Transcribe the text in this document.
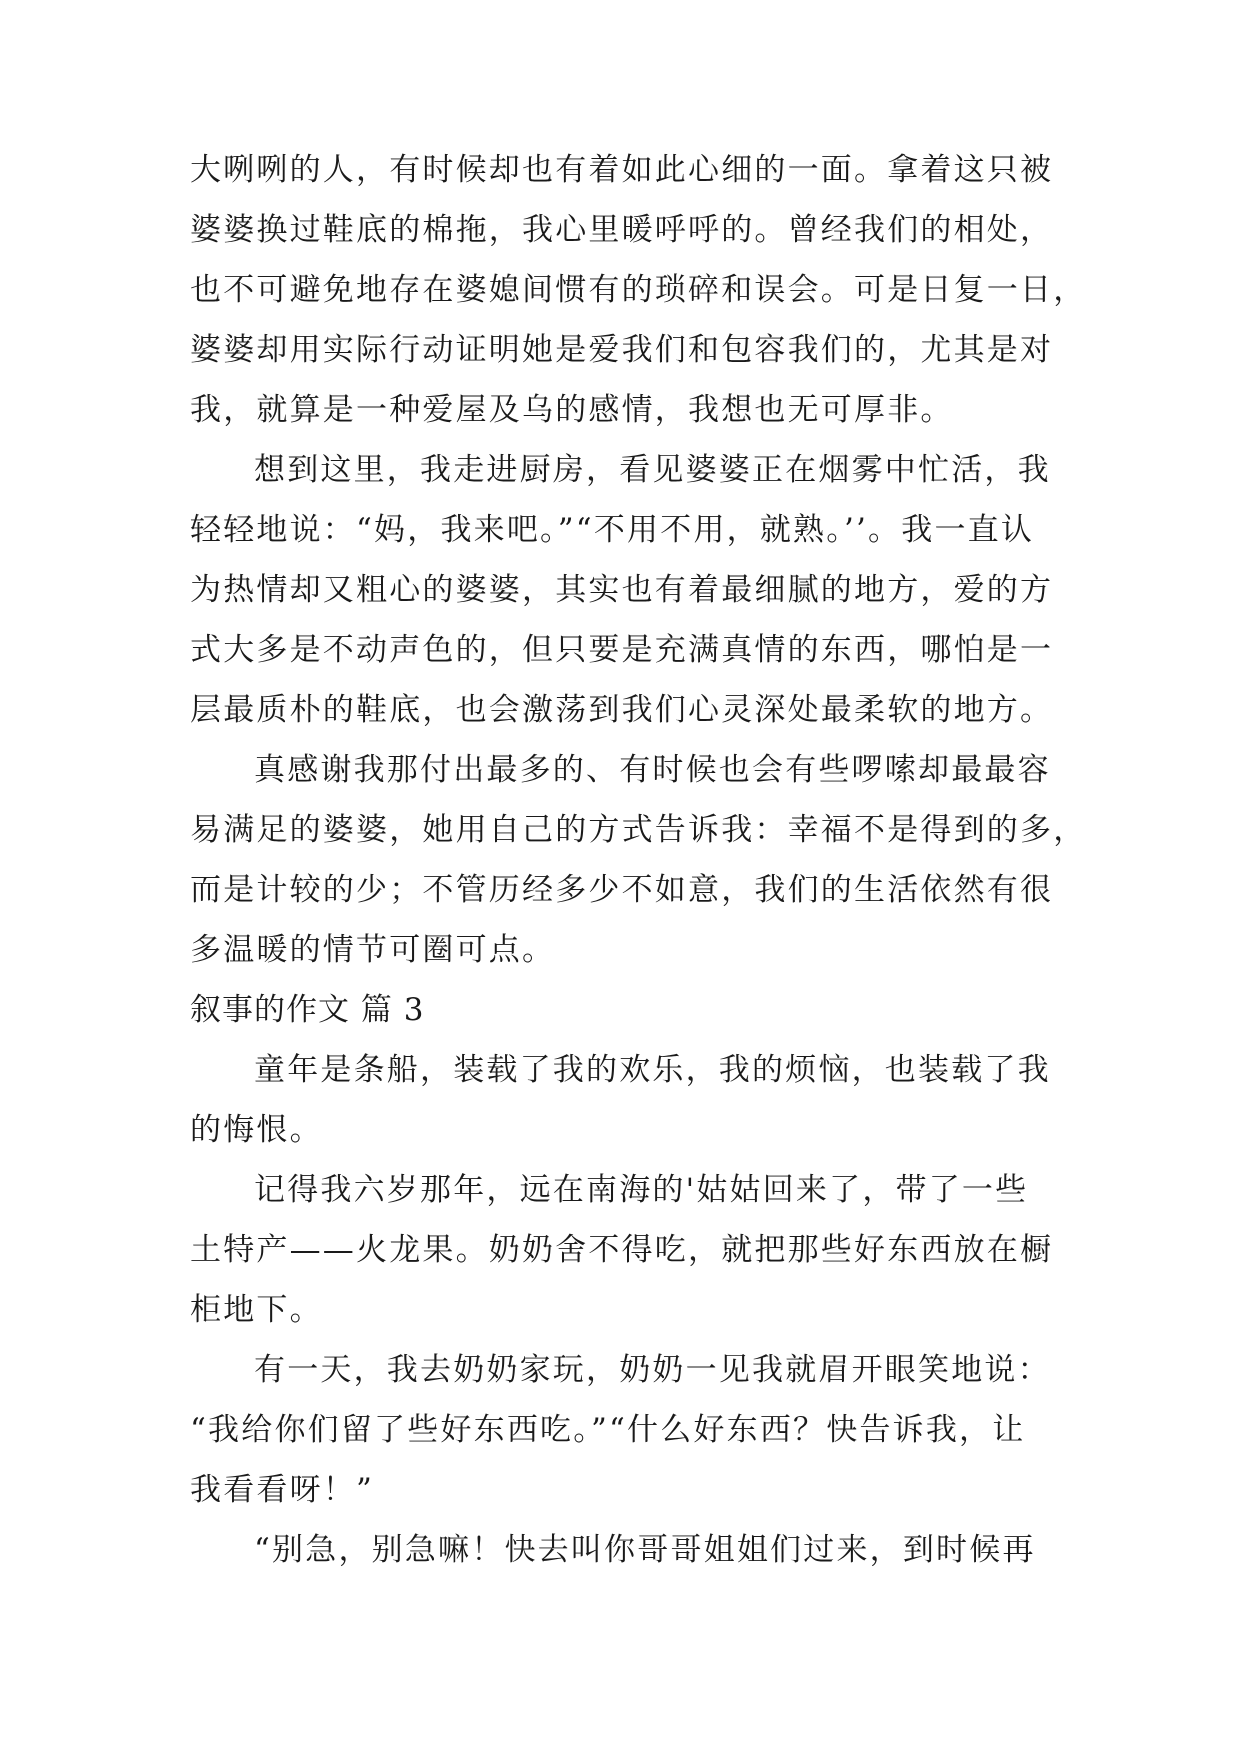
大咧咧的人，有时候却也有着如此心细的一面。拿着这只被
婆婆换过鞋底的棉拖，我心里暖呼呼的。曾经我们的相处，
也不可避免地存在婆媳间惯有的琐碎和误会。可是日复一日，
婆婆却用实际行动证明她是爱我们和包容我们的，尤其是对
我，就算是一种爱屋及乌的感情，我想也无可厚非。
想到这里，我走进厨房，看见婆婆正在烟雾中忙活，我
轻轻地说：“妈，我来吧。”“不用不用，就熟。’’。我一直认
为热情却又粗心的婆婆，其实也有着最细腻的地方，爱的方
式大多是不动声色的，但只要是充满真情的东西，哪怕是一
层最质朴的鞋底，也会激荡到我们心灵深处最柔软的地方。
真感谢我那付出最多的、有时候也会有些啰嗦却最最容
易满足的婆婆，她用自己的方式告诉我：幸福不是得到的多，
而是计较的少；不管历经多少不如意，我们的生活依然有很
多温暖的情节可圈可点。
叙事的作文 篇 3
童年是条船，装载了我的欢乐，我的烦恼，也装载了我
的悔恨。
记得我六岁那年，远在南海的'姑姑回来了，带了一些
土特产——火龙果。奶奶舍不得吃，就把那些好东西放在橱
柜地下。
有一天，我去奶奶家玩，奶奶一见我就眉开眼笑地说：
“我给你们留了些好东西吃。”“什么好东西？快告诉我，让
我看看呀！”
“别急，别急嘛！快去叫你哥哥姐姐们过来，到时候再
